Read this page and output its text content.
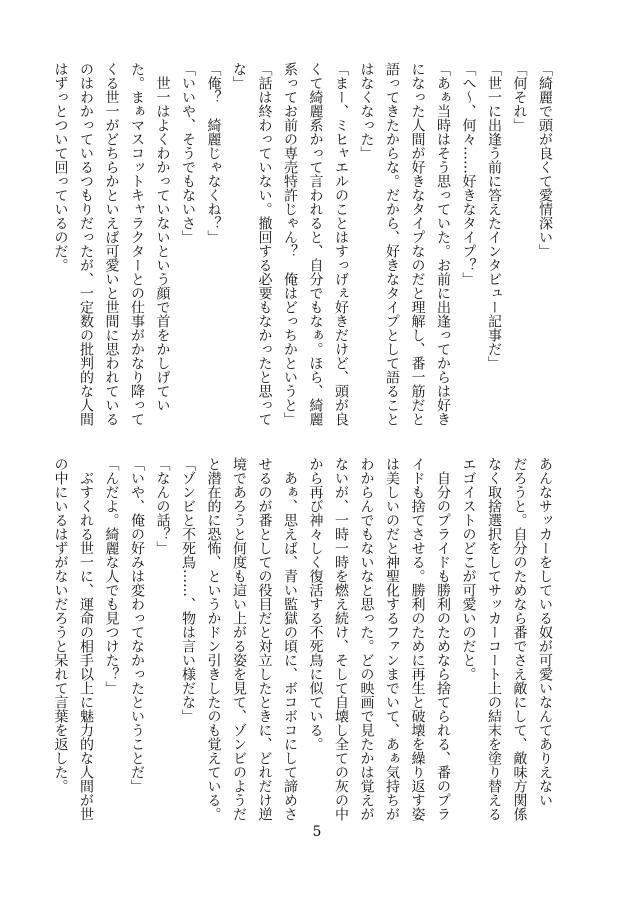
「綺麗で頭が良くて愛情深い」

「何それ」

「世一に出逢う前に答えたインタビュー記事だ」

「へ～、何々……好きなタイプ？」

「あぁ当時はそう思っていた。お前に出逢ってからは好き

になった人間が好きなタイプなのだと理解し、番一筋だと

語ってきたからな。だから、好きなタイプとして語ること

はなくなった」

「まー、ミヒャエルのことはすっげぇ好きだけど、頭が良

くて綺麗系かって言われると、自分でもなぁ。ほら、綺麗

系ってお前の専売特許じゃん？　俺はどっちかというと」

「話は終わっていない。撤回する必要もなかったと思って

な」

「俺？　綺麗じゃなくね？」

「いいや、そうでもないさ」

　世一はよくわかっていないという顔で首をかしげてい

た。まぁマスコットキャラクターとの仕事がかなり降って

くる世一がどちらかといえば可愛いと世間に思われている

のはわかっているつもりだったが、一定数の批判的な人間

はずっとついて回っているのだ。

あんなサッカーをしている奴が可愛いなんてありえない

だろうと。自分のためなら番でさえ敵にして、敵味方関係

なく取捨選択をしてサッカーコート上の結末を塗り替える

エゴイストのどこが可愛いのだと。

　自分のプライドも勝利のためなら捨てられる、番のプラ

イドも捨てさせる。勝利のために再生と破壊を繰り返す姿

は美しいのだと神聖化するファンまでいて、あぁ気持ちが

わからんでもないなと思った。どの映画で見たかは覚えが

ないが、一時一時を燃え続け、そして自壊し全ての灰の中

から再び神々しく復活する不死鳥に似ている。

　あぁ、思えば、青い監獄の頃に、ボコボコにして諦めさ

せるのが番としての役目だと対立したときに、どれだけ逆

境であろうと何度も這い上がる姿を見て、ゾンビのようだ

と潜在的に恐怖、というかドン引きしたのも覚えている。

「ゾンビと不死鳥……、物は言い様だな」

「なんの話？」

「いや、俺の好みは変わってなかったということだ」

「んだよ。綺麗な人でも見つけた？」

　ぶすくれる世一に、運命の相手以上に魅力的な人間が世

の中にいるはずがないだろうと呆れて言葉を返した。

5
